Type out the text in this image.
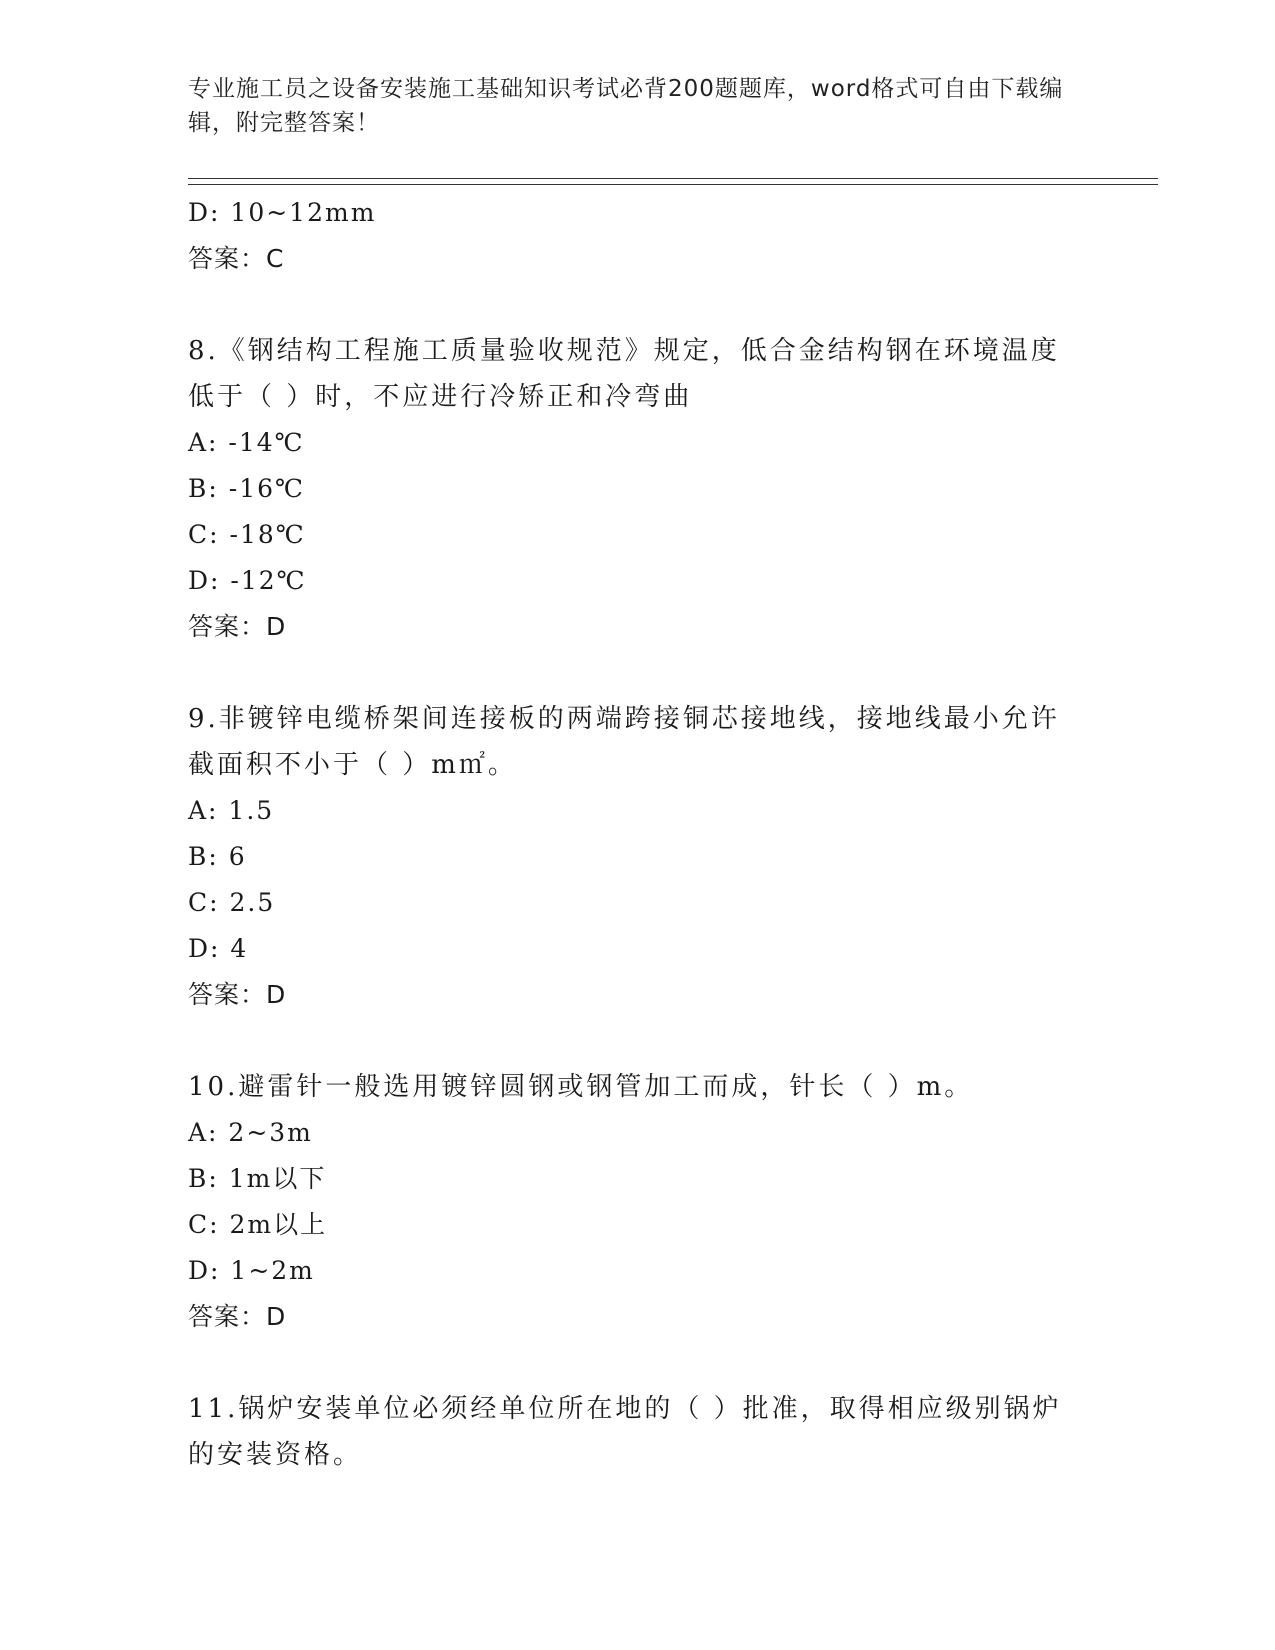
专业施工员之设备安装施工基础知识考试必背200题题库，word格式可自由下载编辑，附完整答案！
D: 10~12mm
答案：C
8.《钢结构工程施工质量验收规范》规定，低合金结构钢在环境温度低于（ ）时，不应进行冷矫正和冷弯曲
A: -14℃
B: -16℃
C: -18℃
D: -12℃
答案：D
9.非镀锌电缆桥架间连接板的两端跨接铜芯接地线，接地线最小允许截面积不小于（ ）m㎡。
A: 1.5
B: 6
C: 2.5
D: 4
答案：D
10.避雷针一般选用镀锌圆钢或钢管加工而成，针长（ ）m。
A: 2~3m
B: 1m以下
C: 2m以上
D: 1~2m
答案：D
11.锅炉安装单位必须经单位所在地的（ ）批准，取得相应级别锅炉的安装资格。
